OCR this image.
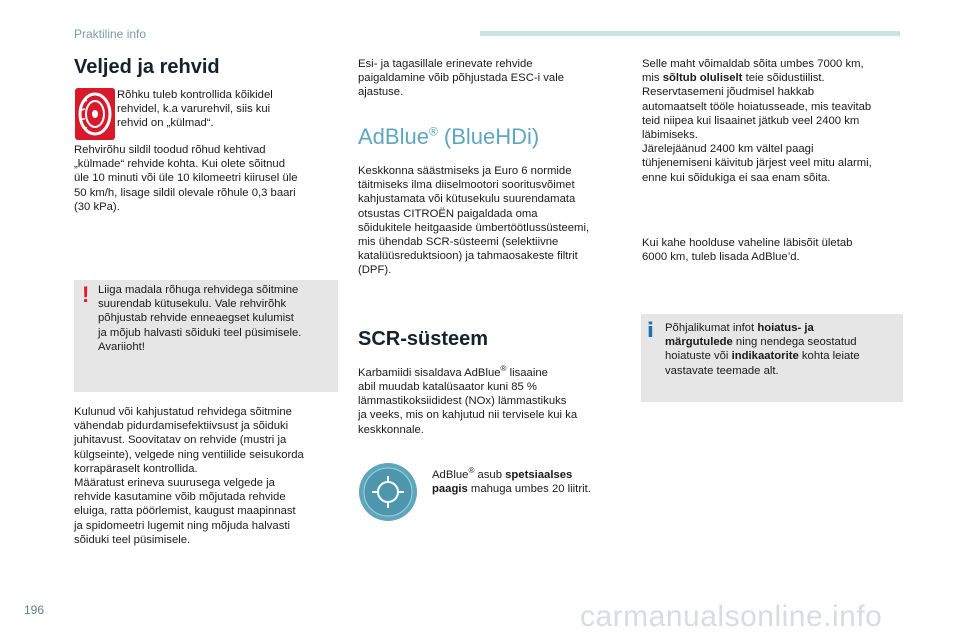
Praktiline info
Veljed ja rehvid

Rõhku tuleb kontrollida kõikidel
rehvidel, k.a varurehvil, siis kui
rehvid on „külmad“.

Rehvirõhu sildil toodud rõhud kehtivad
„külmade“ rehvide kohta. Kui olete sõitnud
üle 10 minuti või üle 10 kilomeetri kiirusel üle
50 km/h, lisage sildil olevale rõhule 0,3 baari
(30 kPa).

! Liiga madala rõhuga rehvidega sõitmine
suurendab kütusekulu. Vale rehvirõhk
põhjustab rehvide enneaegset kulumist
ja mõjub halvasti sõiduki teel püsimisele.
Avariioht!

Kulunud või kahjustatud rehvidega sõitmine
vähendab pidurdamisefektiivsust ja sõiduki
juhitavust. Soovitatav on rehvide (mustri ja
külgseinte), velgede ning ventiilide seisukorda
korrapäraselt kontrollida.
Määratust erineva suurusega velgede ja
rehvide kasutamine võib mõjutada rehvide
eluiga, ratta pöörlemist, kaugust maapinnast
ja spidomeetri lugemit ning mõjuda halvasti
sõiduki teel püsimisele.

Esi- ja tagasillale erinevate rehvide
paigaldamine võib põhjustada ESC-i vale
ajastuse.

AdBlue® (BlueHDi)

Keskkonna säästmiseks ja Euro 6 normide
täitmiseks ilma diiselmootori sooritusvõimet
kahjustamata või kütusekulu suurendamata
otsustas CITROËN paigaldada oma
sõidukitele heitgaaside ümbertöötlussüsteemi,
mis ühendab SCR-süsteemi (selektiivne
katalüüsreduktsioon) ja tahmaosakeste filtrit
(DPF).

SCR-süsteem

Karbamiidi sisaldava AdBlue® lisaaine
abil muudab katalüsaator kuni 85 %
lämmastikoksiididest (NOx) lämmastikuks
ja veeks, mis on kahjutud nii tervisele kui ka
keskkonnale.

AdBlue® asub spetsiaalses
paagis mahuga umbes 20 liitrit.

Selle maht võimaldab sõita umbes 7000 km,
mis sõltub oluliselt teie sõidustiilist.
Reservtasemeni jõudmisel hakkab
automaatselt tööle hoiatusseade, mis teavitab
teid niipea kui lisaainet jätkub veel 2400 km
läbimiseks.
Järelejäänud 2400 km vältel paagi
tühjenemiseni käivitub järjest veel mitu alarmi,
enne kui sõidukiga ei saa enam sõita.

Kui kahe hoolduse vaheline läbisõit ületab
6000 km, tuleb lisada AdBlue’d.

i Põhjalikumat infot hoiatus- ja
märgutulede ning nendega seostatud
hoiatuste või indikaatorite kohta leiate
vastavate teemade alt.

196	carmanualsonline.info
